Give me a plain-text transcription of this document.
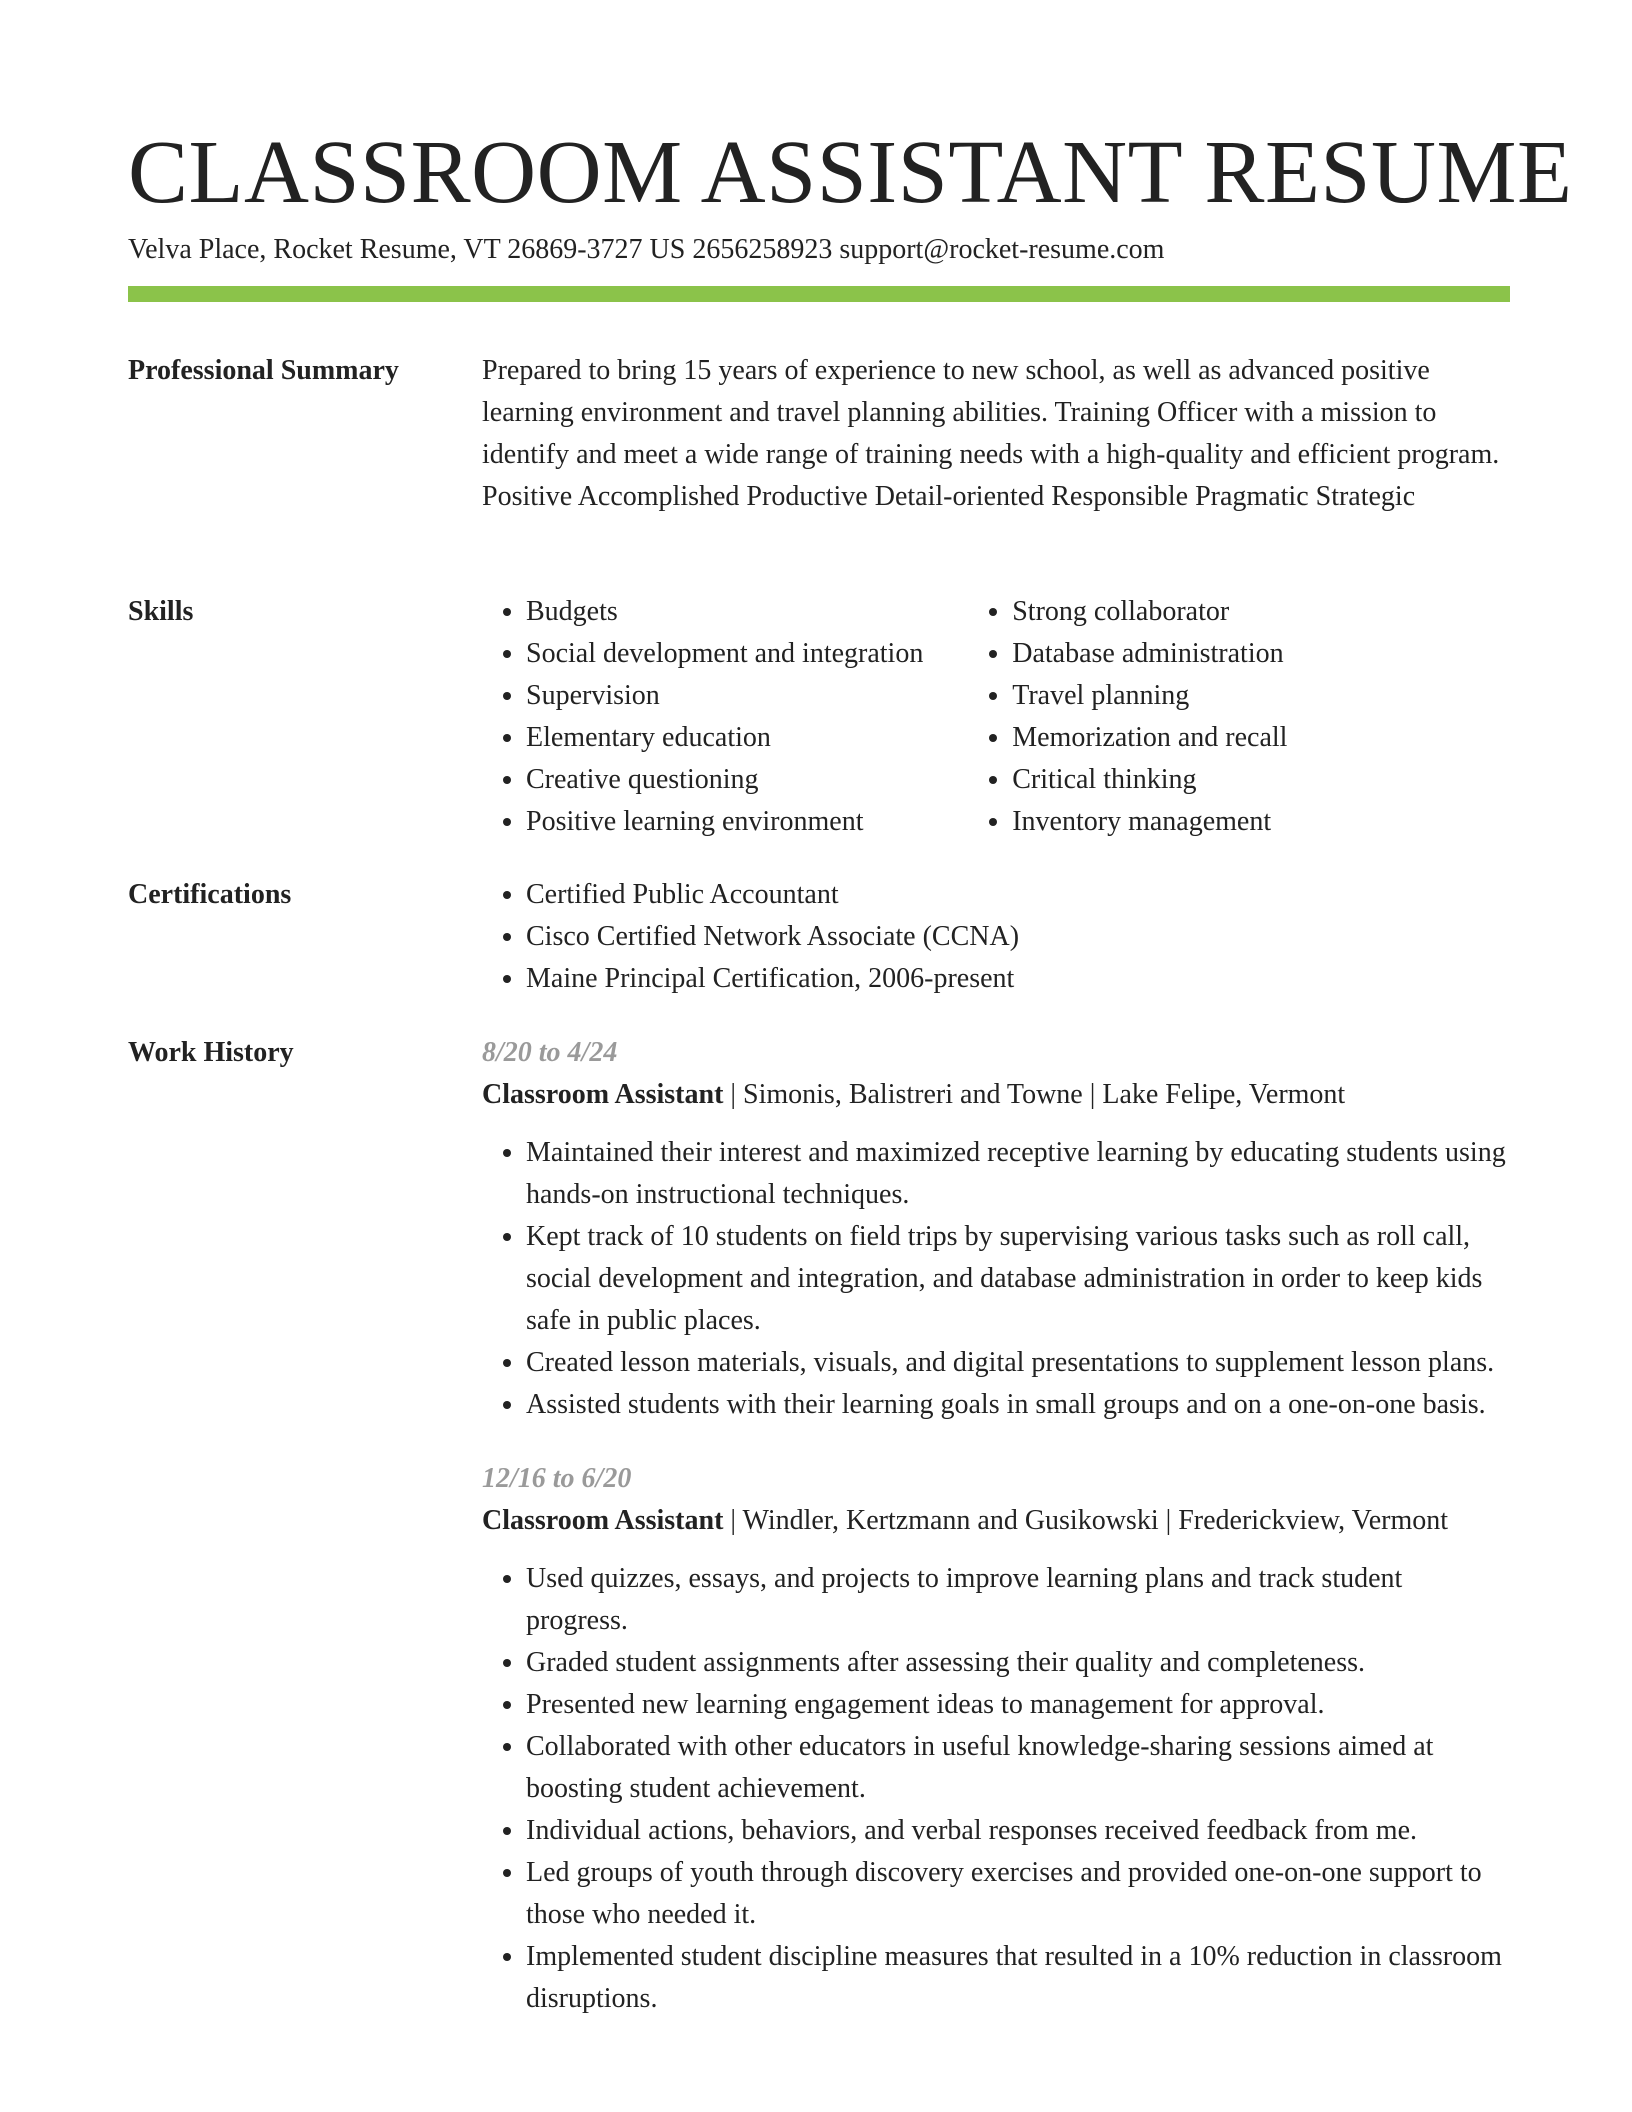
CLASSROOM ASSISTANT RESUME
Velva Place, Rocket Resume, VT 26869-3727 US 2656258923 support@rocket-resume.com
Professional Summary	Prepared to bring 15 years of experience to new school, as well as advanced positive learning environment and travel planning abilities. Training Officer with a mission to identify and meet a wide range of training needs with a high-quality and efficient program. Positive Accomplished Productive Detail-oriented Responsible Pragmatic Strategic

Skills	• Budgets
• Social development and integration
• Supervision
• Elementary education
• Creative questioning
• Positive learning environment
• Strong collaborator
• Database administration
• Travel planning
• Memorization and recall
• Critical thinking
• Inventory management
Certifications	• Certified Public Accountant
• Cisco Certified Network Associate (CCNA)
• Maine Principal Certification, 2006-present
Work History	8/20 to 4/24
Classroom Assistant | Simonis, Balistreri and Towne | Lake Felipe, Vermont
• Maintained their interest and maximized receptive learning by educating students using hands-on instructional techniques.
• Kept track of 10 students on field trips by supervising various tasks such as roll call, social development and integration, and database administration in order to keep kids safe in public places.
• Created lesson materials, visuals, and digital presentations to supplement lesson plans.
• Assisted students with their learning goals in small groups and on a one-on-one basis.
12/16 to 6/20
Classroom Assistant | Windler, Kertzmann and Gusikowski | Frederickview, Vermont
• Used quizzes, essays, and projects to improve learning plans and track student progress.
• Graded student assignments after assessing their quality and completeness.
• Presented new learning engagement ideas to management for approval.
• Collaborated with other educators in useful knowledge-sharing sessions aimed at boosting student achievement.
• Individual actions, behaviors, and verbal responses received feedback from me.
• Led groups of youth through discovery exercises and provided one-on-one support to those who needed it.
• Implemented student discipline measures that resulted in a 10% reduction in classroom disruptions.
